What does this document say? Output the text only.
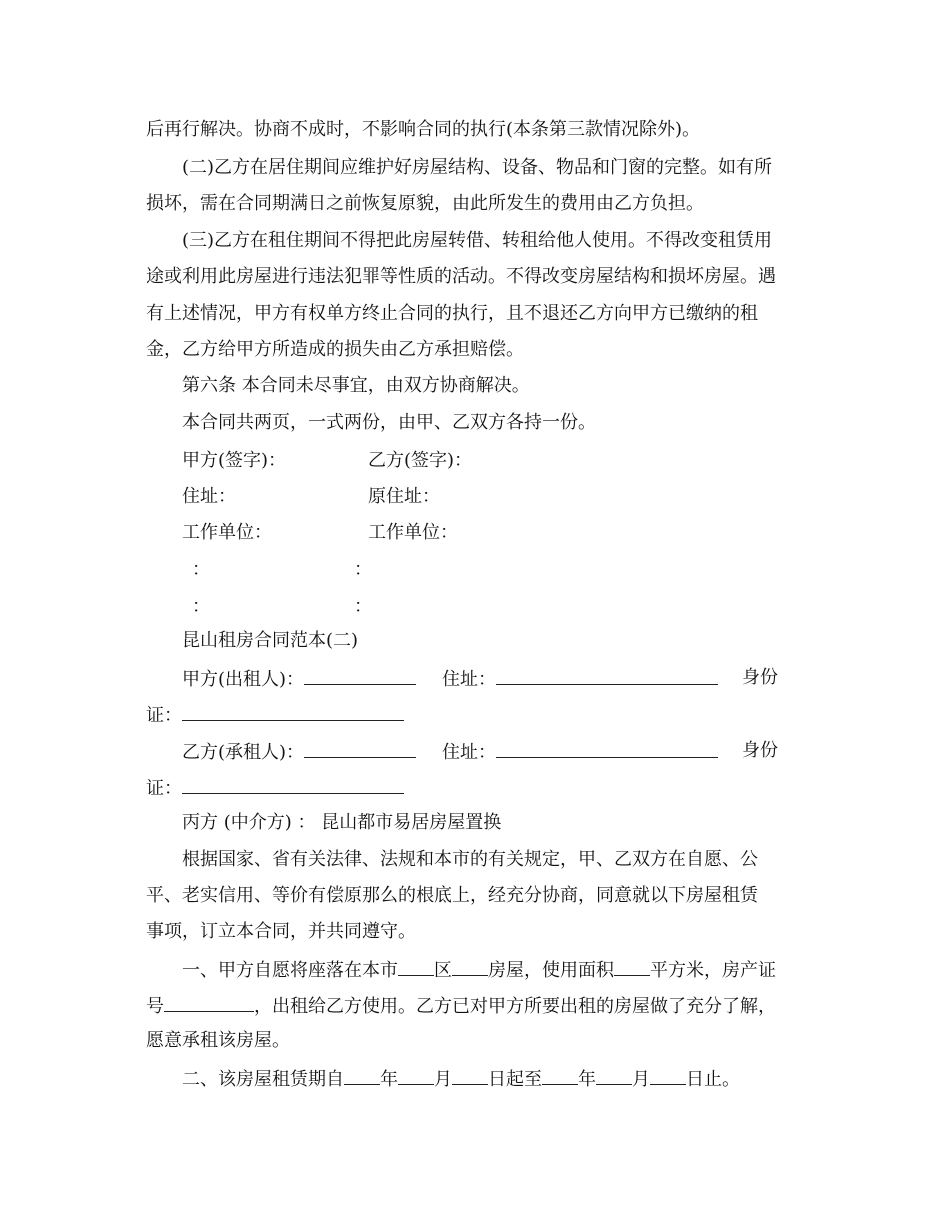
后再行解决。协商不成时，不影响合同的执行(本条第三款情况除外)。
(二)乙方在居住期间应维护好房屋结构、设备、物品和门窗的完整。如有所
损坏，需在合同期满日之前恢复原貌，由此所发生的费用由乙方负担。
(三)乙方在租住期间不得把此房屋转借、转租给他人使用。不得改变租赁用
途或利用此房屋进行违法犯罪等性质的活动。不得改变房屋结构和损坏房屋。遇
有上述情况，甲方有权单方终止合同的执行，且不退还乙方向甲方已缴纳的租
金，乙方给甲方所造成的损失由乙方承担赔偿。
第六条 本合同未尽事宜，由双方协商解决。
本合同共两页，一式两份，由甲、乙双方各持一份。
甲方(签字)：	乙方(签字)：
住址：	原住址：
工作单位：	工作单位：
：	：
：	：
昆山租房合同范本(二)
甲方(出租人)：	住址：	身份
证：
乙方(承租人)：	住址：	身份
证：
丙方 (中介方) ： 昆山都市易居房屋置换
根据国家、省有关法律、法规和本市的有关规定，甲、乙双方在自愿、公
平、老实信用、等价有偿原那么的根底上，经充分协商，同意就以下房屋租赁
事项，订立本合同，并共同遵守。
一、甲方自愿将座落在本市 区 房屋，使用面积 平方米，房产证
号	，出租给乙方使用。乙方已对甲方所要出租的房屋做了充分了解，
愿意承租该房屋。
二、该房屋租赁期自 年 月 日起至 年 月 日止。
